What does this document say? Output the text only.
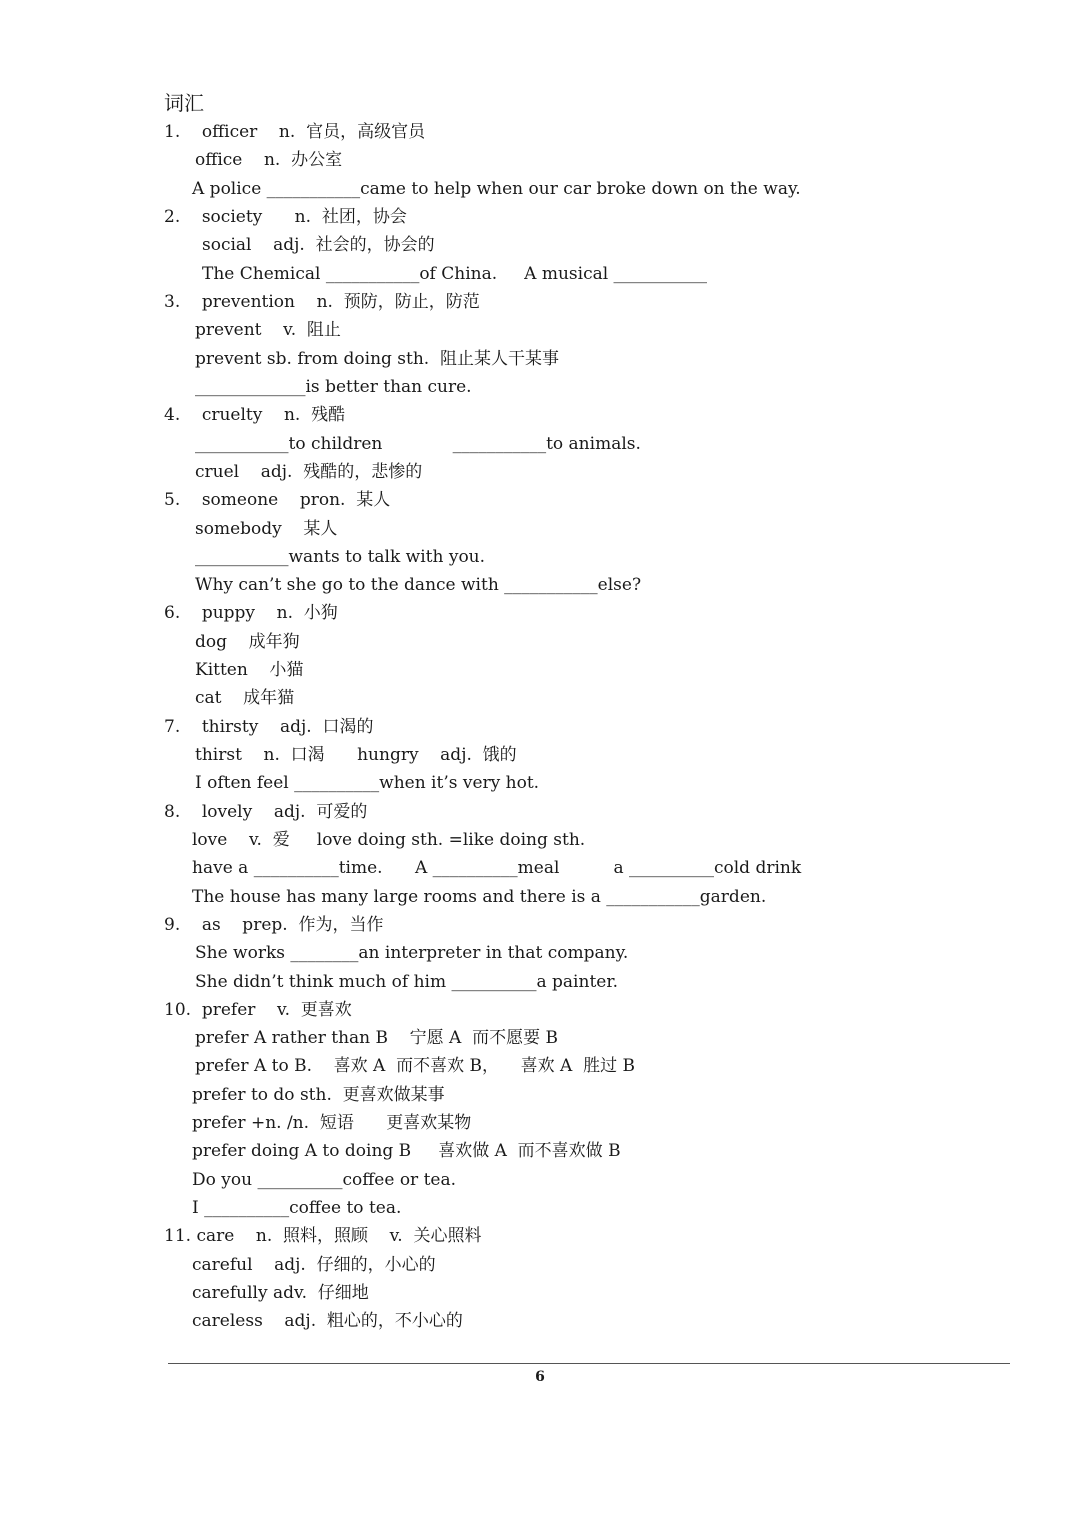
词汇
1.    officer    n.  官员，高级官员
office    n.  办公室
A police ___________came to help when our car broke down on the way.
2.    society      n.  社团，协会
social    adj.  社会的，协会的
The Chemical ___________of China.     A musical ___________
3.    prevention    n.  预防，防止，防范
prevent    v.  阻止
prevent sb. from doing sth.  阻止某人干某事
_____________is better than cure.
4.    cruelty    n.  残酷
___________to children             ___________to animals.
cruel    adj.  残酷的，悲惨的
5.    someone    pron.  某人
somebody    某人
___________wants to talk with you.
Why can’t she go to the dance with ___________else?
6.    puppy    n.  小狗
dog    成年狗
Kitten    小猫
cat    成年猫
7.    thirsty    adj.  口渴的
thirst    n.  口渴      hungry    adj.  饿的
I often feel __________when it’s very hot.
8.    lovely    adj.  可爱的
love    v.  爱     love doing sth. =like doing sth.
have a __________time.      A __________meal          a __________cold drink
The house has many large rooms and there is a ___________garden.
9.    as    prep.  作为，当作
She works ________an interpreter in that company.
She didn’t think much of him __________a painter.
10.  prefer    v.  更喜欢
prefer A rather than B    宁愿 A  而不愿要 B
prefer A to B.    喜欢 A  而不喜欢 B，    喜欢 A  胜过 B
prefer to do sth.  更喜欢做某事
prefer +n. /n.  短语      更喜欢某物
prefer doing A to doing B     喜欢做 A  而不喜欢做 B
Do you __________coffee or tea.
I __________coffee to tea.
11. care    n.  照料，照顾    v.  关心照料
careful    adj.  仔细的，小心的
carefully adv.  仔细地
careless    adj.  粗心的，不小心的
6
